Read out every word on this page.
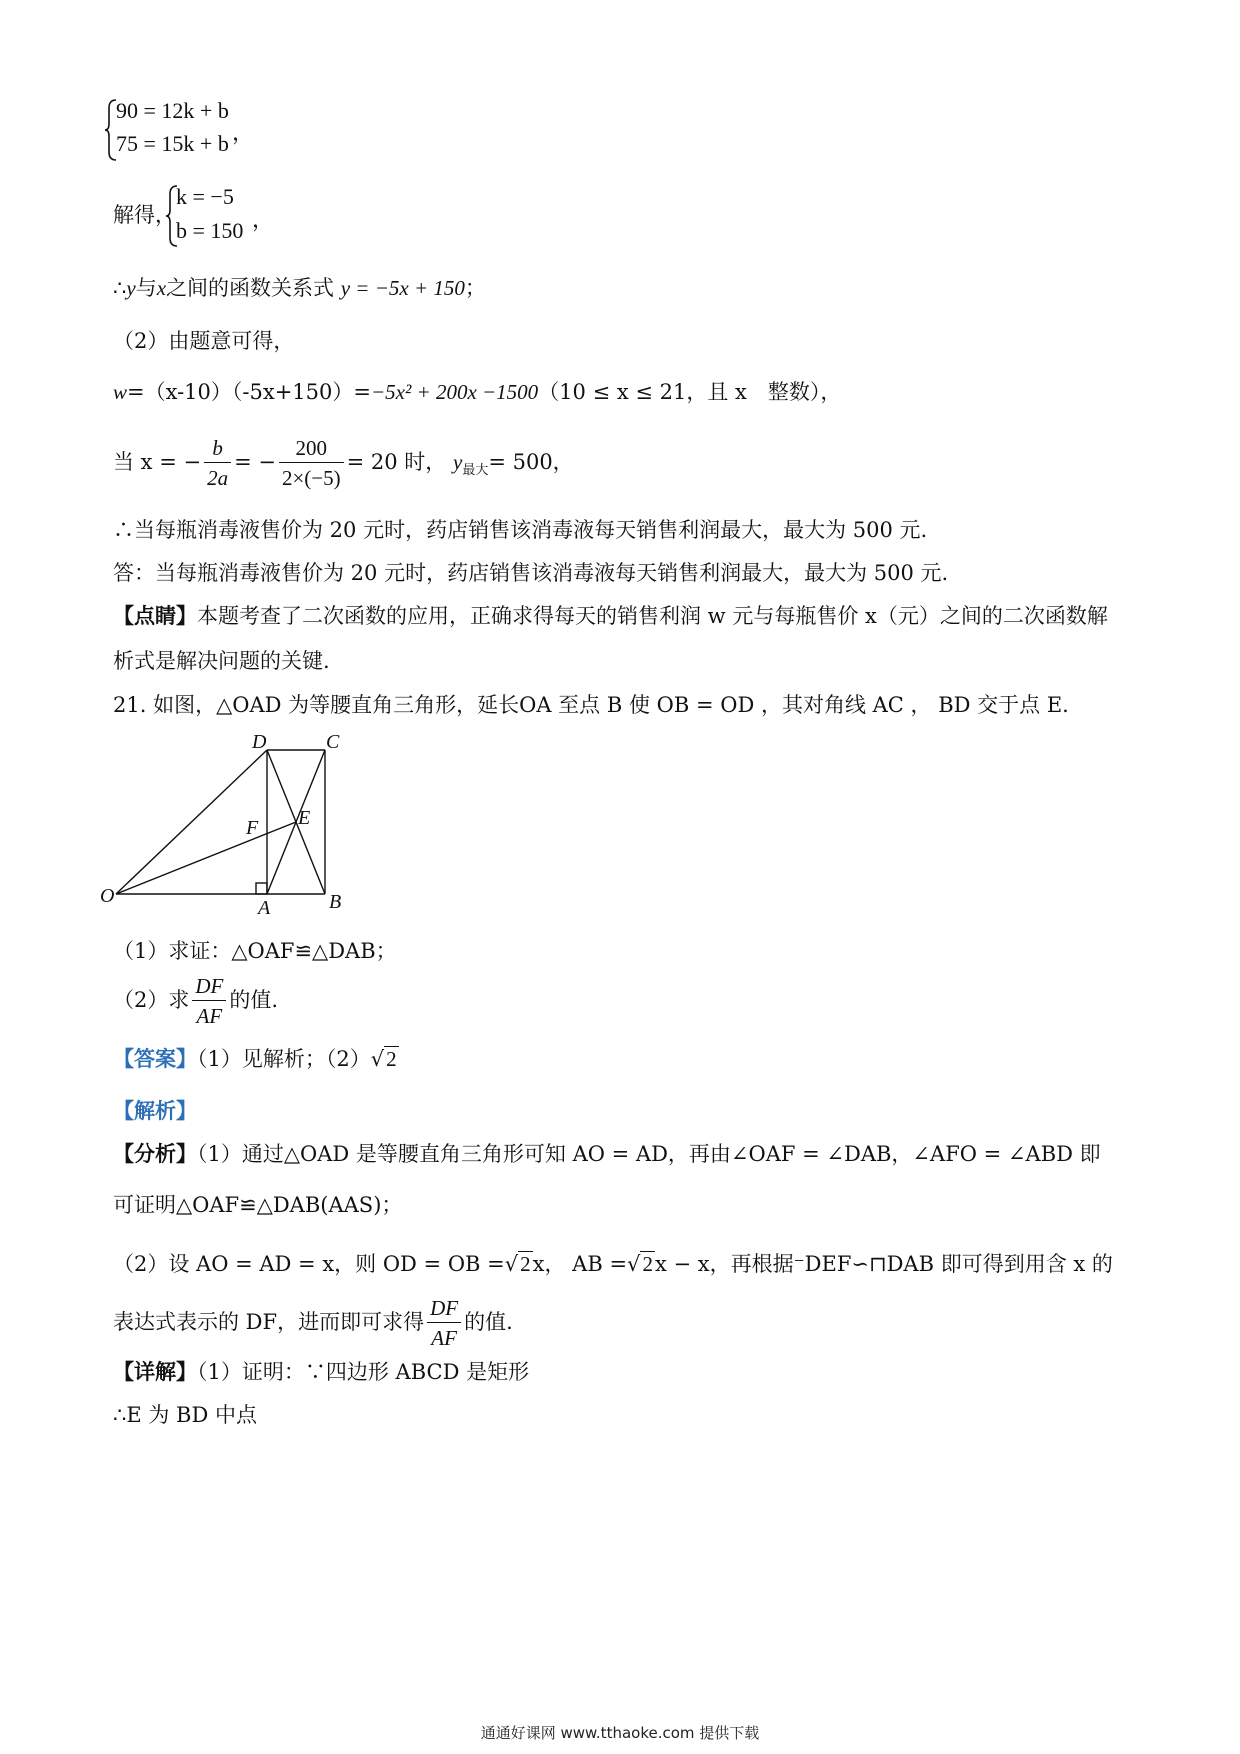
90 = 12k + b
75 = 15k + b ，
解得，
k = −5
b = 150 ，
∴y与x之间的函数关系式 y = −5x + 150；
（2）由题意可得，
w=（x-10）（-5x+150）=−5x² + 200x −1500（10 ≤ x ≤ 21，且 x　整数），
当 x = − $\frac{b}{2a}$ = − $\frac{200}{2\times(-5)} = 20$ 时， $y_{最大}= 500$，
∴当每瓶消毒液售价为 20 元时，药店销售该消毒液每天销售利润最大，最大为 500 元.
答：当每瓶消毒液售价为 20 元时，药店销售该消毒液每天销售利润最大，最大为 500 元.
【点睛】本题考查了二次函数的应用，正确求得每天的销售利润 w 元与每瓶售价 x（元）之间的二次函数解
析式是解决问题的关键.
21. 如图，△OAD 为等腰直角三角形，延长OA 至点 B 使 OB = OD ，其对角线 AC ， BD 交于点 E.
D	C
F E
O
A	B
（1）求证：△OAF≌△DAB；
（2）求 $\frac{DF}{AF}$ 的值.
【答案】（1）见解析；（2）√2
【解析】
【分析】（1）通过△OAD 是等腰直角三角形可知 AO = AD，再由∠OAF = ∠DAB，∠AFO = ∠ABD 即
可证明△OAF≌△DAB(AAS)；
（2）设 AO = AD = x，则 OD = OB =√2x， AB =√2x − x，再根据⁻DEF∽⊓DAB 即可得到用含 x 的
表达式表示的 DF，进而即可求得 $\frac{DF}{AF}$ 的值.
【详解】（1）证明：∵四边形 ABCD 是矩形
∴E 为 BD 中点
通通好课网 www.tthaoke.com 提供下载
